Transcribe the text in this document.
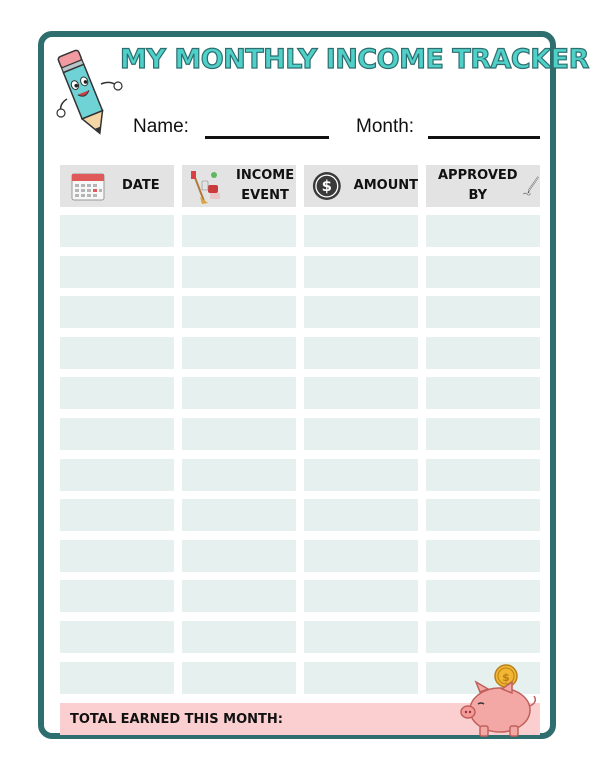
MY MONTHLY INCOME TRACKER
Name:	Month:
DATE
INCOME
EVENT
$ AMOUNT
APPROVED
BY
TOTAL EARNED THIS MONTH:
$
